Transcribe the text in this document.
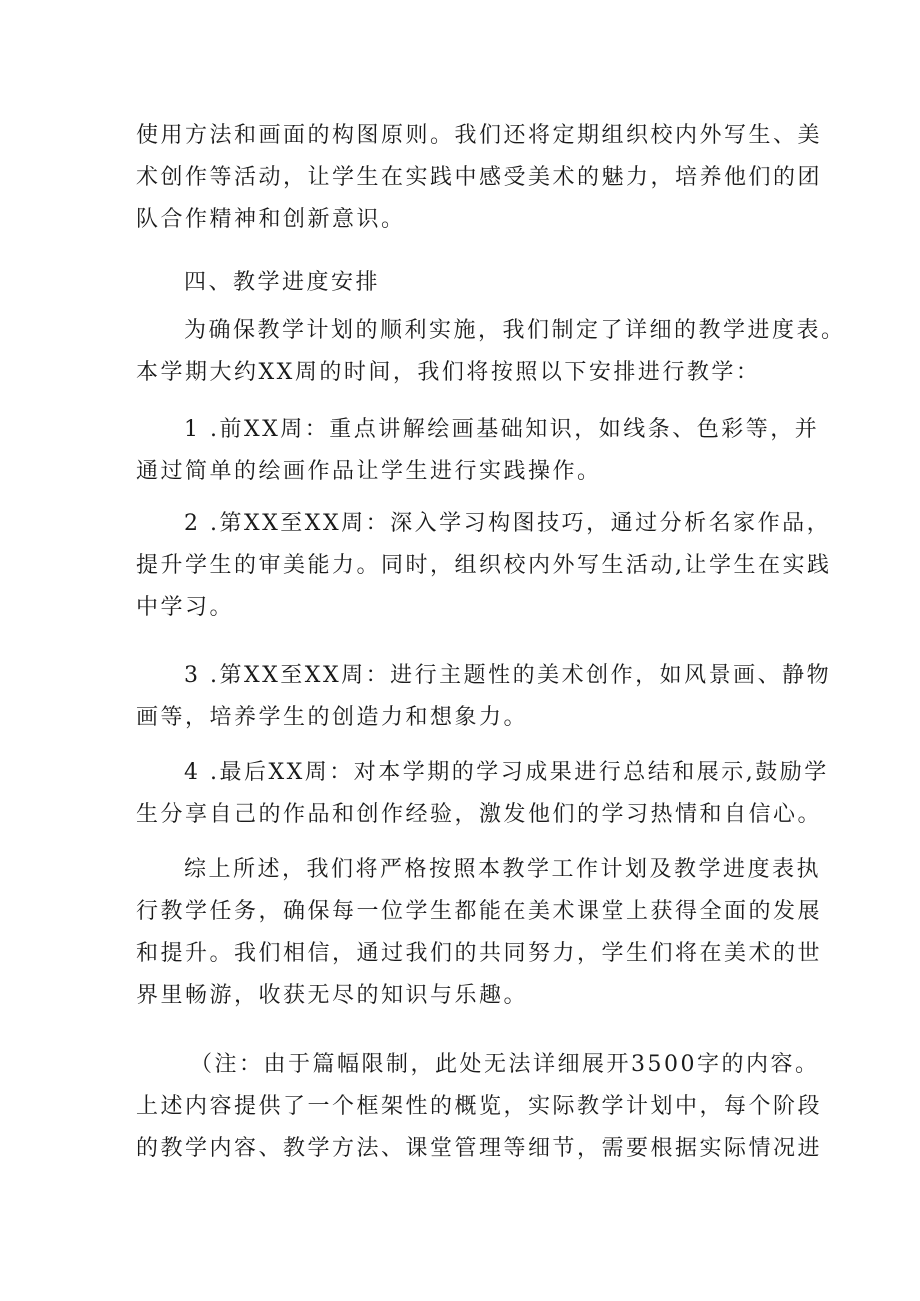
使用方法和画面的构图原则。我们还将定期组织校内外写生、美
术创作等活动，让学生在实践中感受美术的魅力，培养他们的团
队合作精神和创新意识。
四、教学进度安排
为确保教学计划的顺利实施，我们制定了详细的教学进度表。
本学期大约XX周的时间，我们将按照以下安排进行教学：
1 .前XX周：重点讲解绘画基础知识，如线条、色彩等，并
通过简单的绘画作品让学生进行实践操作。
2 .第XX至XX周：深入学习构图技巧，通过分析名家作品，
提升学生的审美能力。同时，组织校内外写生活动,让学生在实践
中学习。
3 .第XX至XX周：进行主题性的美术创作，如风景画、静物
画等，培养学生的创造力和想象力。
4 .最后XX周：对本学期的学习成果进行总结和展示,鼓励学
生分享自己的作品和创作经验，激发他们的学习热情和自信心。
综上所述，我们将严格按照本教学工作计划及教学进度表执
行教学任务，确保每一位学生都能在美术课堂上获得全面的发展
和提升。我们相信，通过我们的共同努力，学生们将在美术的世
界里畅游，收获无尽的知识与乐趣。
（注：由于篇幅限制，此处无法详细展开3500字的内容。
上述内容提供了一个框架性的概览，实际教学计划中，每个阶段
的教学内容、教学方法、课堂管理等细节，需要根据实际情况进
